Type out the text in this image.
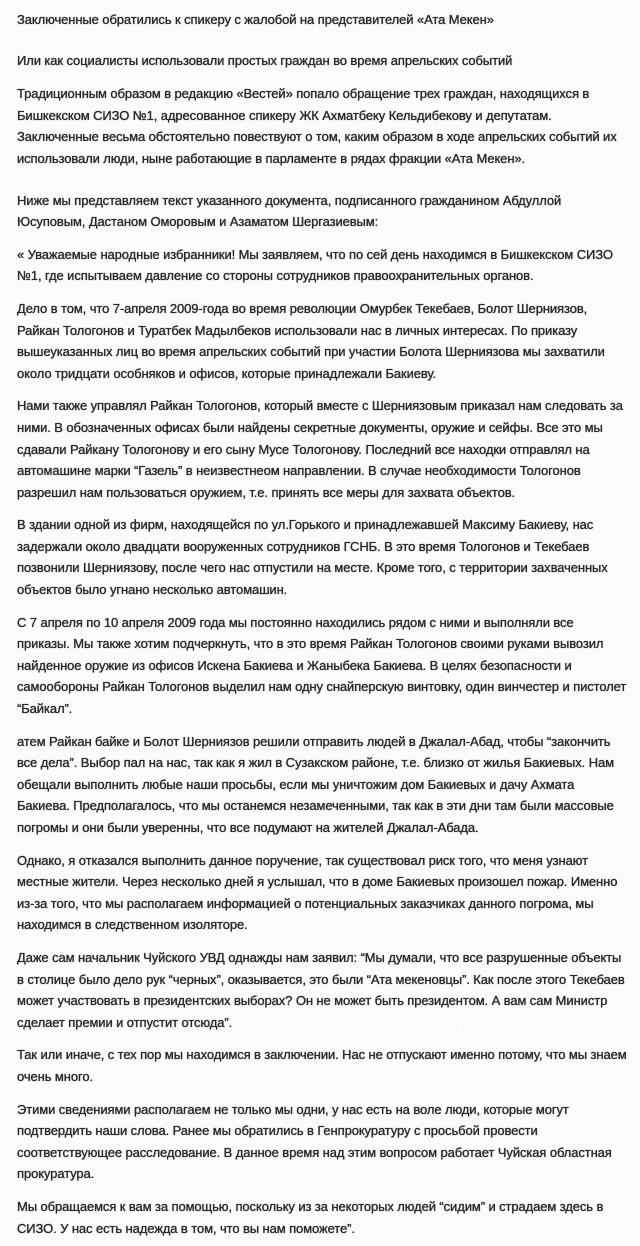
Заключенные обратились к спикеру с жалобой на представителей «Ата Мекен»

Или как социалисты использовали простых граждан во время апрельских событий

Традиционным образом в редакцию «Вестей» попало обращение трех граждан, находящихся в Бишкекском СИЗО №1, адресованное спикеру ЖК Ахматбеку Кельдибекову и депутатам. Заключенные весьма обстоятельно повествуют о том, каким образом в ходе апрельских событий их использовали люди, ныне работающие в парламенте в рядах фракции «Ата Мекен».

Ниже мы представляем текст указанного документа, подписанного гражданином Абдуллой Юсуповым, Дастаном Оморовым и Азаматом Шергазиевым:

« Уважаемые народные избранники! Мы заявляем, что по сей день находимся в Бишкекском СИЗО №1, где испытываем давление со стороны сотрудников правоохранительных органов.

Дело в том, что 7-апреля 2009-года во время революции Омурбек Текебаев, Болот Шерниязов, Райкан Тологонов и Туратбек Мадылбеков использовали нас в личных интересах. По приказу вышеуказанных лиц во время апрельских событий при участии Болота Шерниязова мы захватили около тридцати особняков и офисов, которые принадлежали Бакиеву.

Нами также управлял Райкан Тологонов, который вместе с Шерниязовым приказал нам следовать за ними. В обозначенных офисах были найдены секретные документы, оружие и сейфы. Все это мы сдавали Райкану Тологонову и его сыну Мусе Тологонову. Последний все находки отправлял на автомашине марки “Газель” в неизвестнеом направлении. В случае необходимости Тологонов разрешил нам пользоваться оружием, т.е. принять все меры для захвата объектов.

В здании одной из фирм, находящейся по ул.Горького и принадлежавшей Максиму Бакиеву, нас задержали около двадцати вооруженных сотрудников ГСНБ. В это время Тологонов и Текебаев позвонили Шерниязову, после чего нас отпустили на месте. Кроме того, с территории захваченных объектов было угнано несколько автомашин.

С 7 апреля по 10 апреля 2009 года мы постоянно находились рядом с ними и выполняли все приказы. Мы также хотим подчеркнуть, что в это время Райкан Тологонов своими руками вывозил найденное оружие из офисов Искена Бакиева и Жаныбека Бакиева. В целях безопасности и самообороны Райкан Тологонов выделил нам одну снайперскую винтовку, один винчестер и пистолет “Байкал”.

атем Райкан байке и Болот Шерниязов решили отправить людей в Джалал-Абад, чтобы “закончить все дела”. Выбор пал на нас, так как я жил в Сузакском районе, т.е. близко от жилья Бакиевых. Нам обещали выполнить любые наши просьбы, если мы уничтожим дом Бакиевых и дачу Ахмата Бакиева. Предполагалось, что мы останемся незамеченными, так как в эти дни там были массовые погромы и они были уверенны, что все подумают на жителей Джалал-Абада.

Однако, я отказался выполнить данное поручение, так существовал риск того, что меня узнают местные жители. Через несколько дней я услышал, что в доме Бакиевых произошел пожар. Именно из-за того, что мы располагаем информацией о потенциальных заказчиках данного погрома, мы находимся в следственном изоляторе.

Даже сам начальник Чуйского УВД однажды нам заявил: “Мы думали, что все разрушенные объекты в столице было дело рук “черных”, оказывается, это были “Ата мекеновцы”. Как после этого Текебаев может участвовать в президентских выборах? Он не может быть президентом. А вам сам Министр сделает премии и отпустит отсюда”.

Так или иначе, с тех пор мы находимся в заключении. Нас не отпускают именно потому, что мы знаем очень много.

Этими сведениями располагаем не только мы одни, у нас есть на воле люди, которые могут подтвердить наши слова. Ранее мы обратились в Генпрокуратуру с просьбой провести соответствующее расследование. В данное время над этим вопросом работает Чуйская областная прокуратура.

Мы обращаемся к вам за помощью, поскольку из за некоторых людей “сидим” и страдаем здесь в СИЗО. У нас есть надежда в том, что вы нам поможете”.
